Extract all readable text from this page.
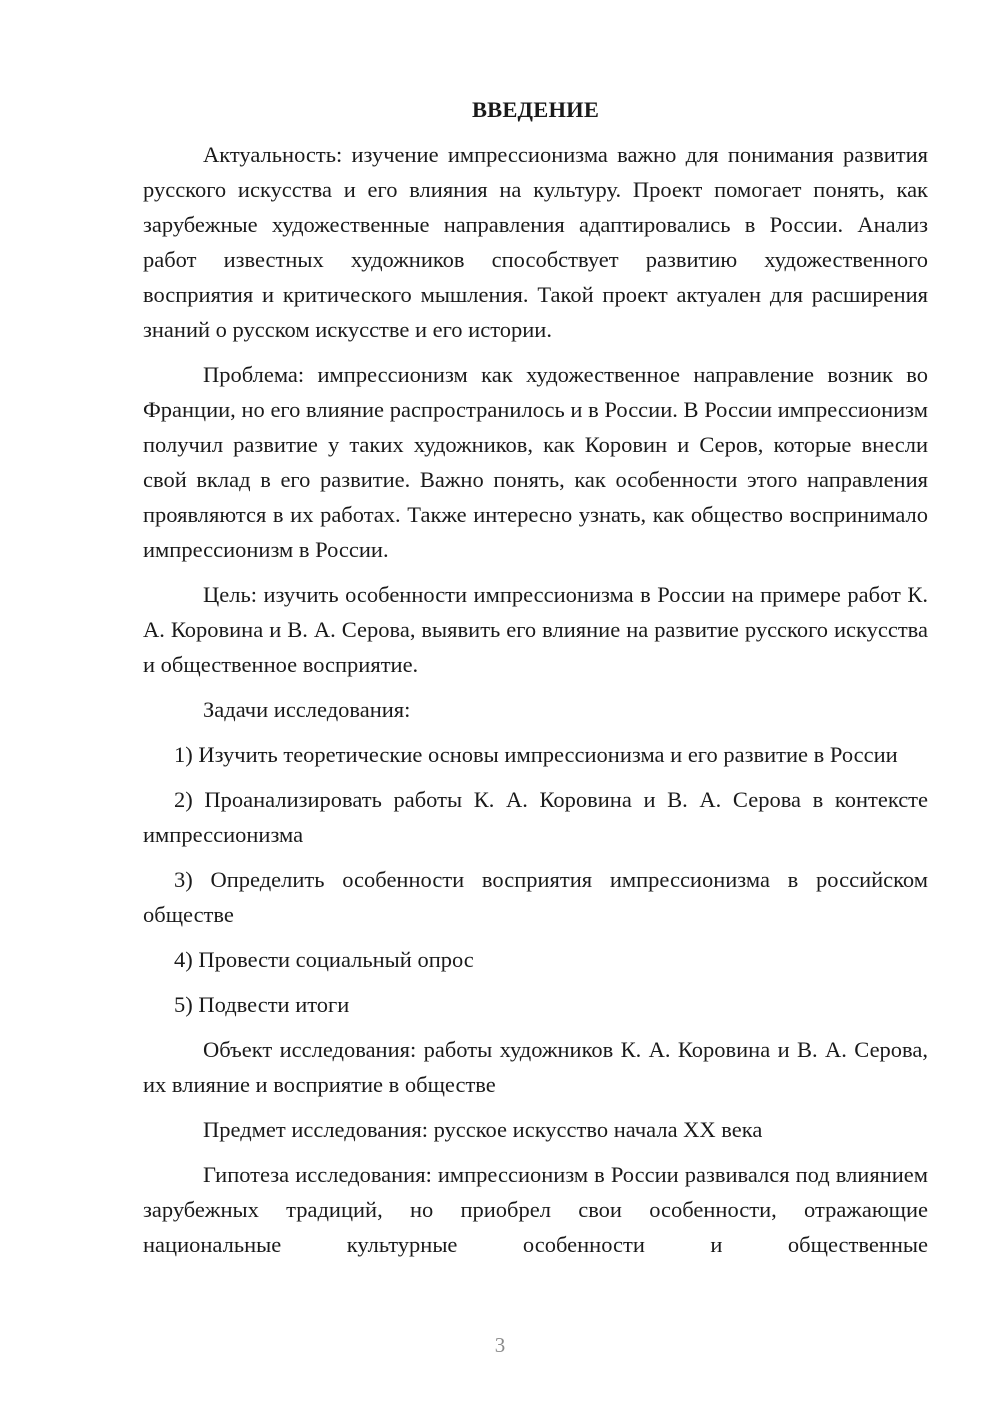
ВВЕДЕНИЕ

Актуальность: изучение импрессионизма важно для понимания развития русского искусства и его влияния на культуру. Проект помогает понять, как зарубежные художественные направления адаптировались в России. Анализ работ известных художников способствует развитию художественного восприятия и критического мышления. Такой проект актуален для расширения знаний о русском искусстве и его истории.

Проблема: импрессионизм как художественное направление возник во Франции, но его влияние распространилось и в России. В России импрессионизм получил развитие у таких художников, как Коровин и Серов, которые внесли свой вклад в его развитие. Важно понять, как особенности этого направления проявляются в их работах. Также интересно узнать, как общество воспринимало импрессионизм в России.

Цель: изучить особенности импрессионизма в России на примере работ К. А. Коровина и В. А. Серова, выявить его влияние на развитие русского искусства и общественное восприятие.

Задачи исследования:

1) Изучить теоретические основы импрессионизма и его развитие в России

2) Проанализировать работы К. А. Коровина и В. А. Серова в контексте импрессионизма

3) Определить особенности восприятия импрессионизма в российском обществе

4) Провести социальный опрос

5) Подвести итоги

Объект исследования: работы художников К. А. Коровина и В. А. Серова, их влияние и восприятие в обществе

Предмет исследования: русское искусство начала XX века

Гипотеза исследования: импрессионизм в России развивался под влиянием зарубежных традиций, но приобрел свои особенности, отражающие национальные культурные особенности и общественные

3
